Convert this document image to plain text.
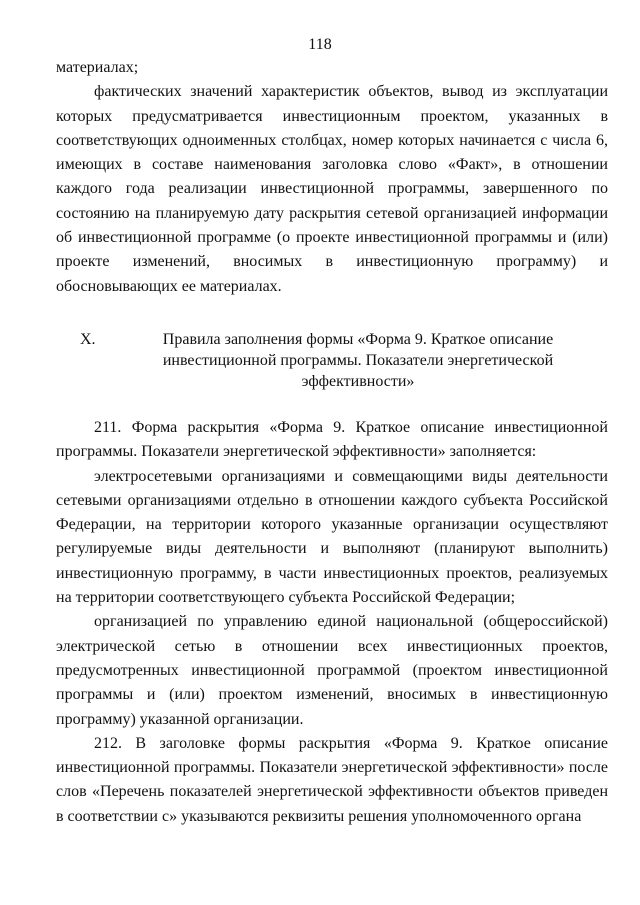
118

материалах;

фактических значений характеристик объектов, вывод из эксплуатации которых предусматривается инвестиционным проектом, указанных в соответствующих одноименных столбцах, номер которых начинается с числа 6, имеющих в составе наименования заголовка слово «Факт», в отношении каждого года реализации инвестиционной программы, завершенного по состоянию на планируемую дату раскрытия сетевой организацией информации об инвестиционной программе (о проекте инвестиционной программы и (или) проекте изменений, вносимых в инвестиционную программу) и обосновывающих ее материалах.

X.	Правила заполнения формы «Форма 9. Краткое описание инвестиционной программы. Показатели энергетической эффективности»

211. Форма раскрытия «Форма 9. Краткое описание инвестиционной программы. Показатели энергетической эффективности» заполняется:

электросетевыми организациями и совмещающими виды деятельности сетевыми организациями отдельно в отношении каждого субъекта Российской Федерации, на территории которого указанные организации осуществляют регулируемые виды деятельности и выполняют (планируют выполнить) инвестиционную программу, в части инвестиционных проектов, реализуемых на территории соответствующего субъекта Российской Федерации;

организацией по управлению единой национальной (общероссийской) электрической сетью в отношении всех инвестиционных проектов, предусмотренных инвестиционной программой (проектом инвестиционной программы и (или) проектом изменений, вносимых в инвестиционную программу) указанной организации.

212. В заголовке формы раскрытия «Форма 9. Краткое описание инвестиционной программы. Показатели энергетической эффективности» после слов «Перечень показателей энергетической эффективности объектов приведен в соответствии с» указываются реквизиты решения уполномоченного органа
